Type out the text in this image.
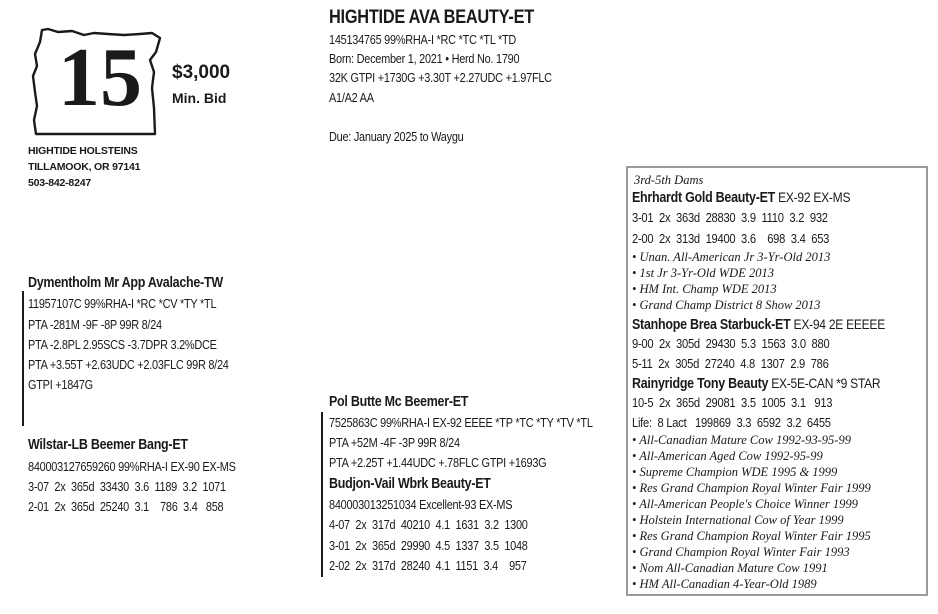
15	$3,000
Min. Bid
HIGHTIDE HOLSTEINS
TILLAMOOK, OR 97141
503-842-8247
HIGHTIDE AVA BEAUTY-ET
145134765 99%RHA-I *RC *TC *TL *TD
Born: December 1, 2021 • Herd No. 1790
32K GTPI +1730G +3.30T +2.27UDC +1.97FLC
A1/A2 AA
Due: January 2025 to Waygu
Dymentholm Mr App Avalache-TW
11957107C 99%RHA-I *RC *CV *TY *TL
PTA -281M -9F -8P 99R 8/24
PTA -2.8PL 2.95SCS -3.7DPR 3.2%DCE
PTA +3.55T +2.63UDC +2.03FLC 99R 8/24
GTPI +1847G
Wilstar-LB Beemer Bang-ET
840003127659260 99%RHA-I EX-90 EX-MS
3-07  2x  365d  33430  3.6  1189  3.2  1071
2-01  2x  365d  25240  3.1    786  3.4   858
Pol Butte Mc Beemer-ET
7525863C 99%RHA-I EX-92 EEEE *TP *TC *TY *TV *TL
PTA +52M -4F -3P 99R 8/24
PTA +2.25T +1.44UDC +.78FLC GTPI +1693G
Budjon-Vail Wbrk Beauty-ET
840003013251034 Excellent-93 EX-MS
4-07  2x  317d  40210  4.1  1631  3.2  1300
3-01  2x  365d  29990  4.5  1337  3.5  1048
2-02  2x  317d  28240  4.1  1151  3.4    957
3rd-5th Dams
Ehrhardt Gold Beauty-ET EX-92 EX-MS
3-01  2x  363d  28830  3.9  1110  3.2  932
2-00  2x  313d  19400  3.6    698  3.4  653
• Unan. All-American Jr 3-Yr-Old 2013
• 1st Jr 3-Yr-Old WDE 2013
• HM Int. Champ WDE 2013
• Grand Champ District 8 Show 2013
Stanhope Brea Starbuck-ET EX-94 2E EEEEE
9-00  2x  305d  29430  5.3  1563  3.0  880
5-11  2x  305d  27240  4.8  1307  2.9  786
Rainyridge Tony Beauty EX-5E-CAN *9 STAR
10-5  2x  365d  29081  3.5  1005  3.1   913
Life:  8 Lact   199869  3.3  6592  3.2  6455
• All-Canadian Mature Cow 1992-93-95-99
• All-American Aged Cow 1992-95-99
• Supreme Champion WDE 1995 & 1999
• Res Grand Champion Royal Winter Fair 1999
• All-American People's Choice Winner 1999
• Holstein International Cow of Year 1999
• Res Grand Champion Royal Winter Fair 1995
• Grand Champion Royal Winter Fair 1993
• Nom All-Canadian Mature Cow 1991
• HM All-Canadian 4-Year-Old 1989
